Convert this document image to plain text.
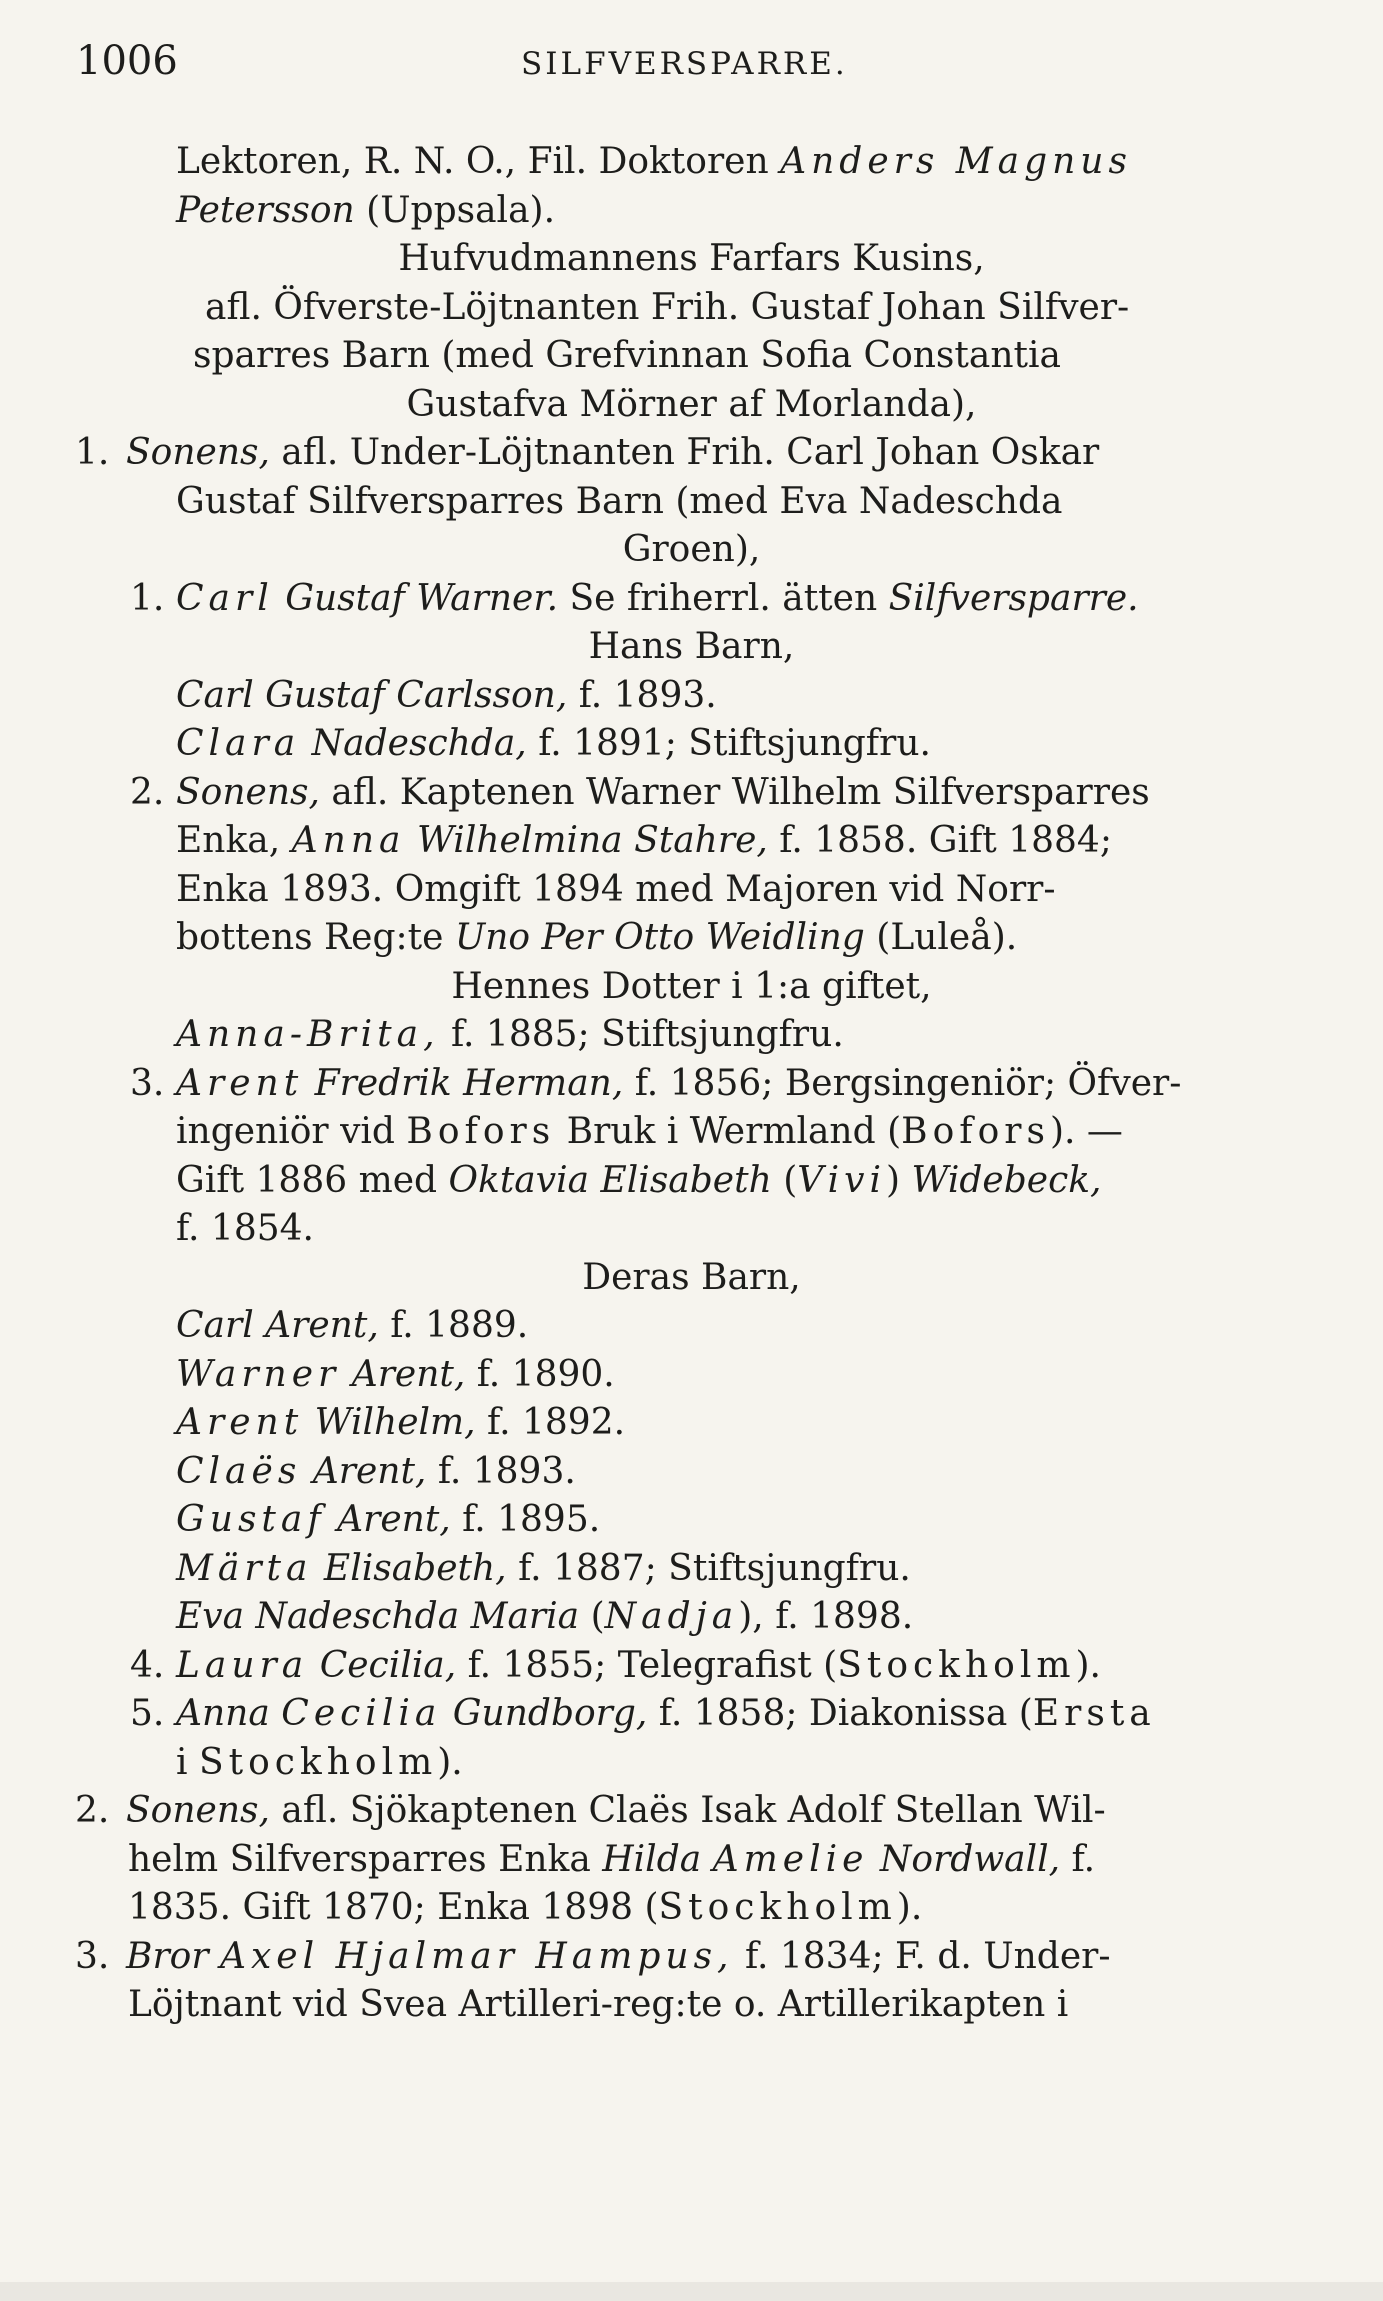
1006	SILFVERSPARRE.
Lektoren, R. N. O., Fil. Doktoren Anders Magnus
Petersson (Uppsala).
Hufvudmannens Farfars Kusins,
afl. Öfverste-Löjtnanten Frih. Gustaf Johan Silfver-
sparres Barn (med Grefvinnan Sofia Constantia
Gustafva Mörner af Morlanda),
1. Sonens, afl. Under-Löjtnanten Frih. Carl Johan Oskar
Gustaf Silfversparres Barn (med Eva Nadeschda
Groen),
1. Carl Gustaf Warner. Se friherrl. ätten Silfversparre.
Hans Barn,
Carl Gustaf Carlsson, f. 1893.
Clara Nadeschda, f. 1891; Stiftsjungfru.
2. Sonens, afl. Kaptenen Warner Wilhelm Silfversparres
Enka, Anna Wilhelmina Stahre, f. 1858. Gift 1884;
Enka 1893. Omgift 1894 med Majoren vid Norr-
bottens Reg:te Uno Per Otto Weidling (Luleå).
Hennes Dotter i 1:a giftet,
Anna-Brita, f. 1885; Stiftsjungfru.
3. Arent Fredrik Herman, f. 1856; Bergsingeniör; Öfver-
ingeniör vid Bofors Bruk i Wermland (Bofors). —
Gift 1886 med Oktavia Elisabeth (Vivi) Widebeck,
f. 1854.
Deras Barn,
Carl Arent, f. 1889.
Warner Arent, f. 1890.
Arent Wilhelm, f. 1892.
Claës Arent, f. 1893.
Gustaf Arent, f. 1895.
Märta Elisabeth, f. 1887; Stiftsjungfru.
Eva Nadeschda Maria (Nadja), f. 1898.
4. Laura Cecilia, f. 1855; Telegrafist (Stockholm).
5. Anna Cecilia Gundborg, f. 1858; Diakonissa (Ersta
i Stockholm).
2. Sonens, afl. Sjökaptenen Claës Isak Adolf Stellan Wil-
helm Silfversparres Enka Hilda Amelie Nordwall, f.
1835. Gift 1870; Enka 1898 (Stockholm).
3. Bror Axel Hjalmar Hampus, f. 1834; F. d. Under-
Löjtnant vid Svea Artilleri-reg:te o. Artillerikapten i
